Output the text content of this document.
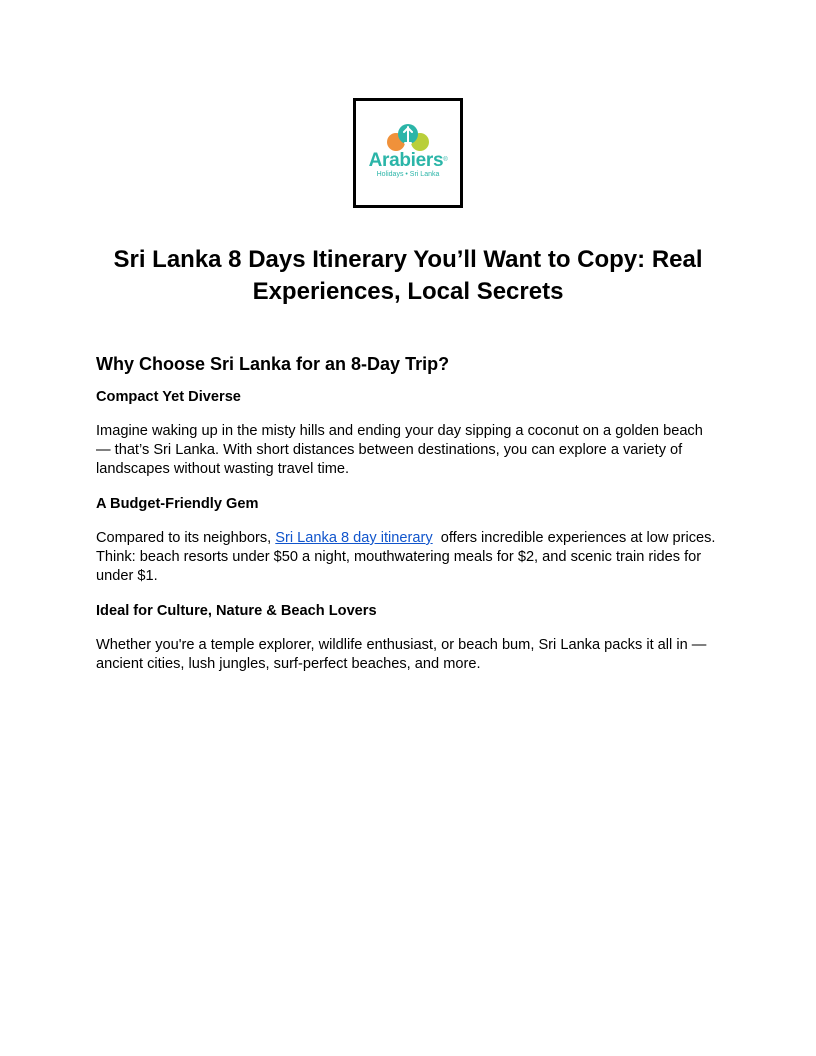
Arabiers®
Holidays • Sri Lanka
Sri Lanka 8 Days Itinerary You’ll Want to Copy: Real Experiences, Local Secrets
Why Choose Sri Lanka for an 8-Day Trip?
Compact Yet Diverse

Imagine waking up in the misty hills and ending your day sipping a coconut on a golden beach — that’s Sri Lanka. With short distances between destinations, you can explore a variety of landscapes without wasting travel time.

A Budget-Friendly Gem

Compared to its neighbors, Sri Lanka 8 day itinerary  offers incredible experiences at low prices. Think: beach resorts under $50 a night, mouthwatering meals for $2, and scenic train rides for under $1.

Ideal for Culture, Nature & Beach Lovers

Whether you're a temple explorer, wildlife enthusiast, or beach bum, Sri Lanka packs it all in — ancient cities, lush jungles, surf-perfect beaches, and more.
